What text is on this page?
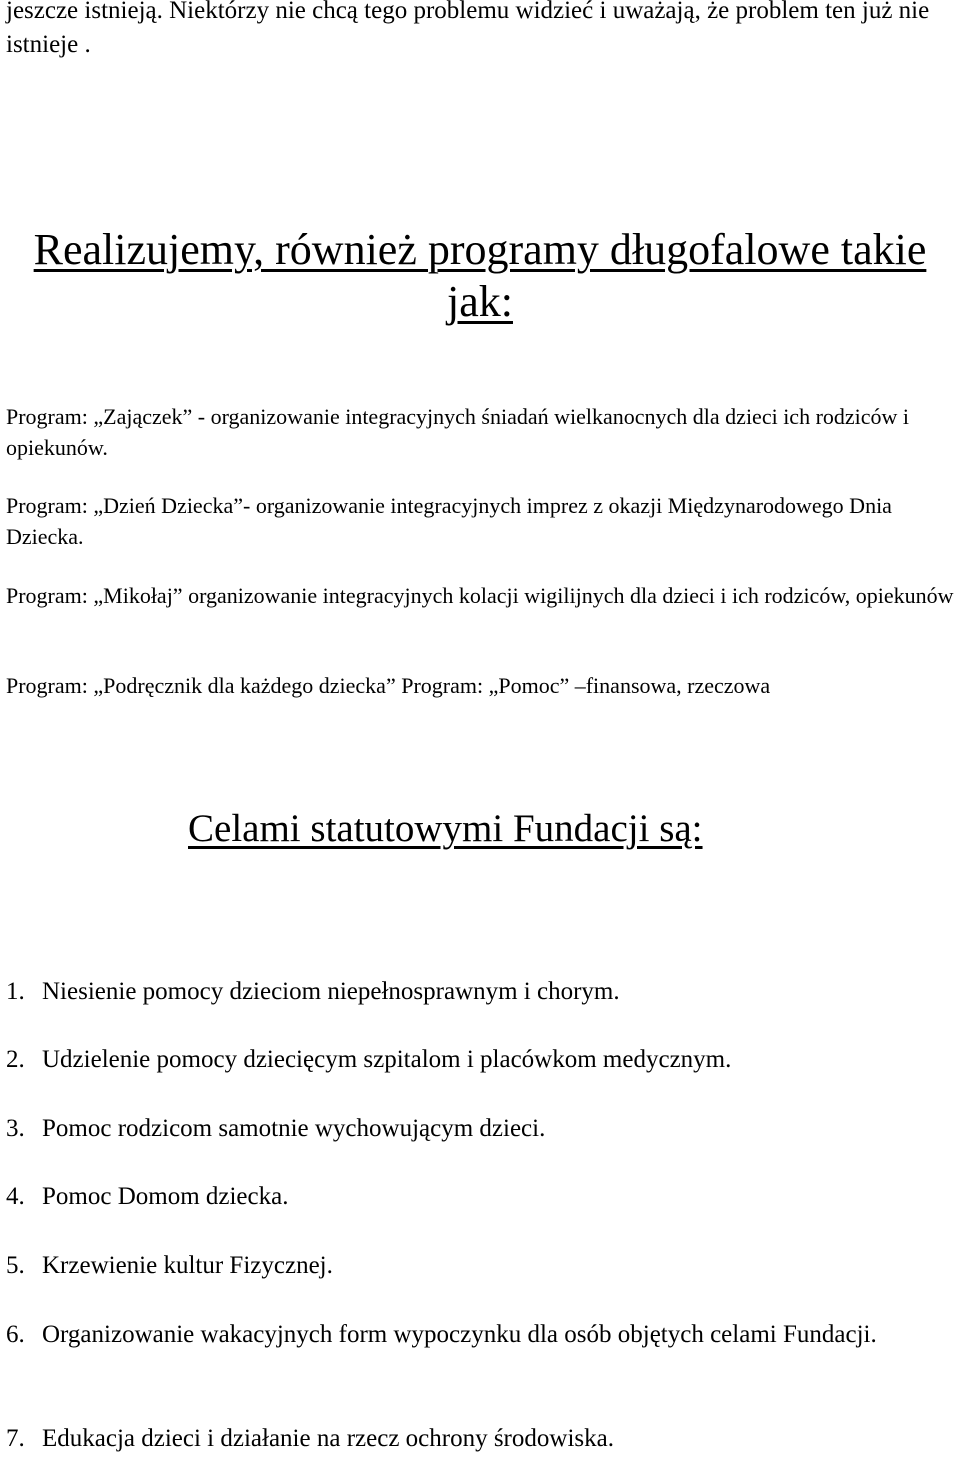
jeszcze istnieją. Niektórzy nie chcą tego problemu widzieć i uważają, że problem ten już nie istnieje .

Realizujemy, również programy długofalowe takie jak:

Program: „Zajączek” - organizowanie integracyjnych śniadań wielkanocnych dla dzieci ich rodziców i opiekunów.

Program: „Dzień Dziecka”- organizowanie integracyjnych imprez z okazji Międzynarodowego Dnia Dziecka.

Program: „Mikołaj” organizowanie integracyjnych kolacji wigilijnych dla dzieci i ich rodziców, opiekunów

Program: „Podręcznik dla każdego dziecka” Program: „Pomoc” –finansowa, rzeczowa

Celami statutowymi Fundacji są:
1. Niesienie pomocy dzieciom niepełnosprawnym i chorym.
2. Udzielenie pomocy dziecięcym szpitalom i placówkom medycznym.
3. Pomoc rodzicom samotnie wychowującym dzieci.
4. Pomoc Domom dziecka.
5. Krzewienie kultur Fizycznej.
6. Organizowanie wakacyjnych form wypoczynku dla osób objętych celami Fundacji.
7. Edukacja dzieci i działanie na rzecz ochrony środowiska.
